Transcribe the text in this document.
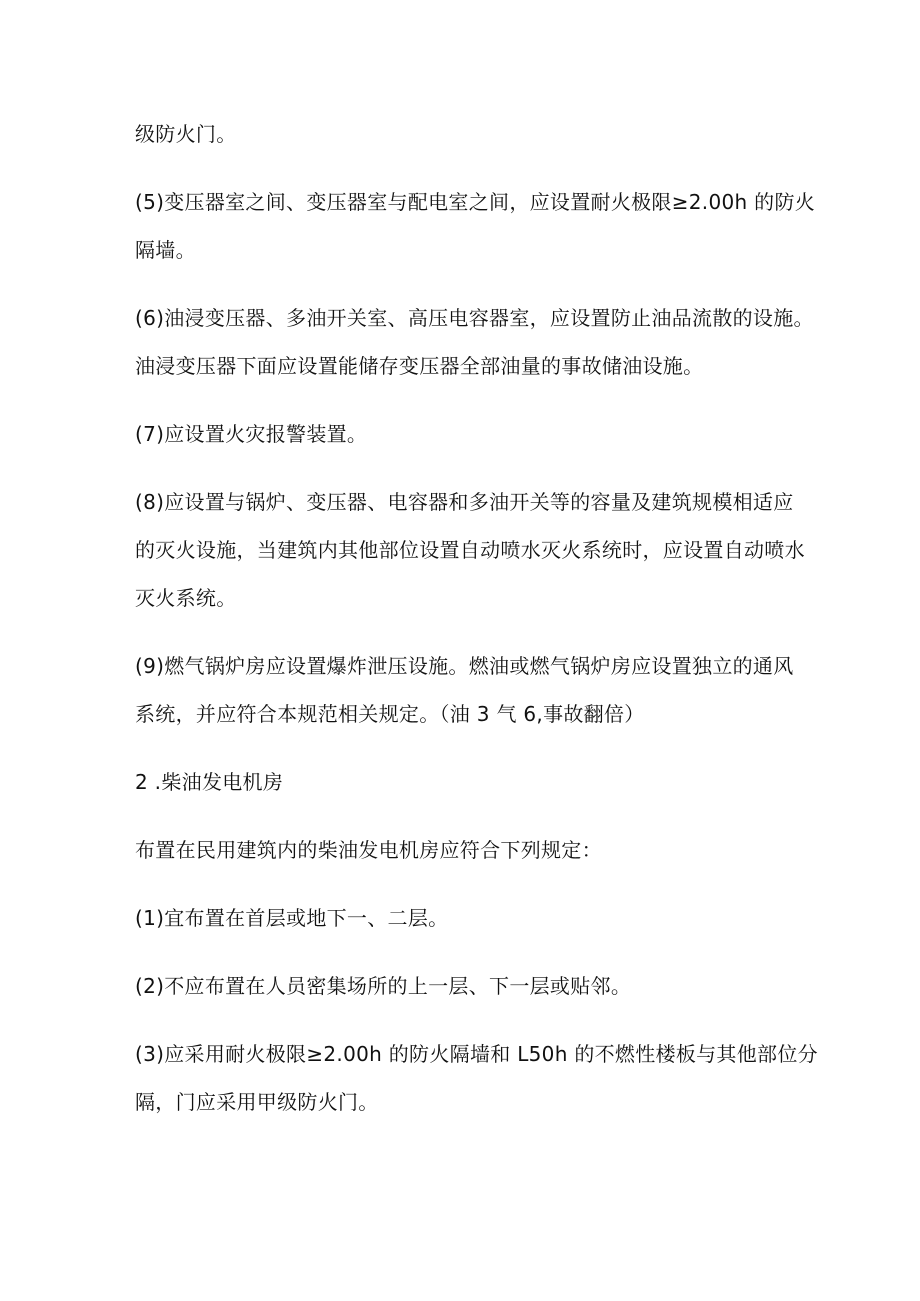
级防火门。

(5)变压器室之间、变压器室与配电室之间，应设置耐火极限≥2.00h 的防火
隔墙。

(6)油浸变压器、多油开关室、高压电容器室，应设置防止油品流散的设施。
油浸变压器下面应设置能储存变压器全部油量的事故储油设施。

(7)应设置火灾报警装置。

(8)应设置与锅炉、变压器、电容器和多油开关等的容量及建筑规模相适应
的灭火设施，当建筑内其他部位设置自动喷水灭火系统时，应设置自动喷水
灭火系统。

(9)燃气锅炉房应设置爆炸泄压设施。燃油或燃气锅炉房应设置独立的通风
系统，并应符合本规范相关规定。（油 3 气 6,事故翻倍）

2 .柴油发电机房

布置在民用建筑内的柴油发电机房应符合下列规定：

(1)宜布置在首层或地下一、二层。

(2)不应布置在人员密集场所的上一层、下一层或贴邻。

(3)应采用耐火极限≥2.00h 的防火隔墙和 L50h 的不燃性楼板与其他部位分
隔，门应采用甲级防火门。
